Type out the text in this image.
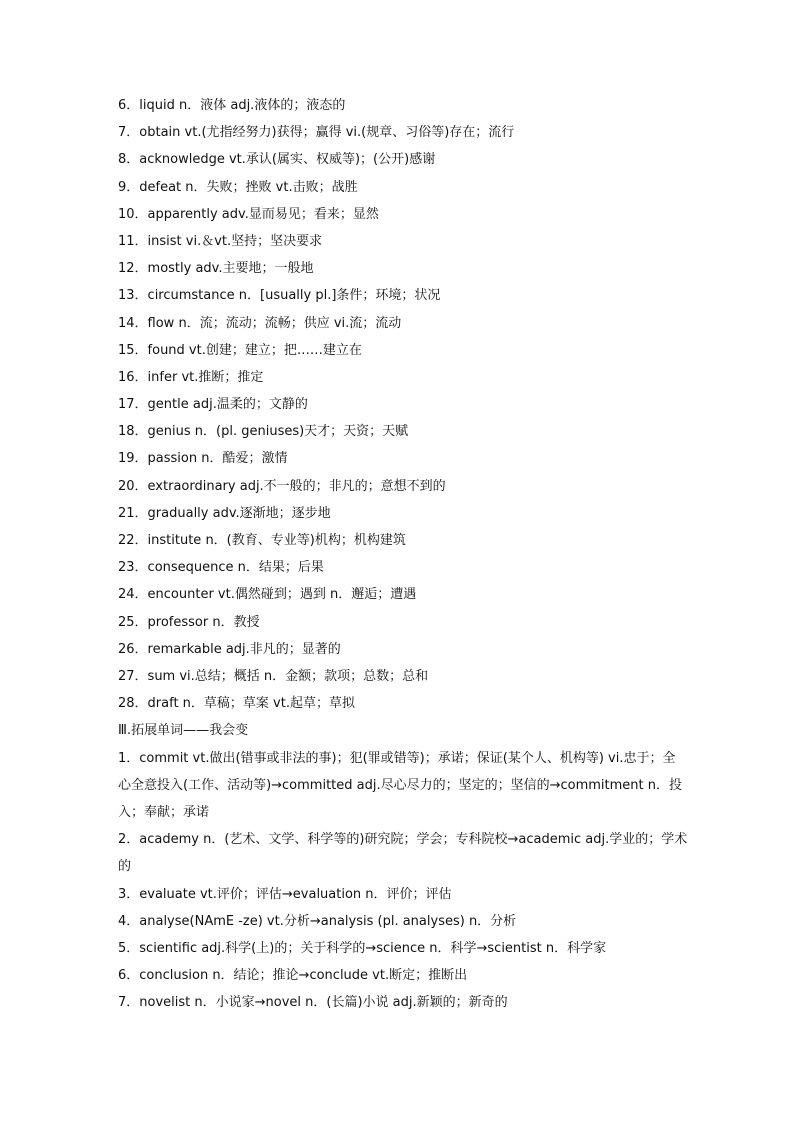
6．liquid n．液体 adj.液体的；液态的
7．obtain vt.(尤指经努力)获得；赢得 vi.(规章、习俗等)存在；流行
8．acknowledge vt.承认(属实、权威等)；(公开)感谢
9．defeat n．失败；挫败 vt.击败；战胜
10．apparently adv.显而易见；看来；显然
11．insist vi.＆vt.坚持；坚决要求
12．mostly adv.主要地；一般地
13．circumstance n．[usually pl.]条件；环境；状况
14．flow n．流；流动；流畅；供应 vi.流；流动
15．found vt.创建；建立；把……建立在
16．infer vt.推断；推定
17．gentle adj.温柔的；文静的
18．genius n．(pl. geniuses)天才；天资；天赋
19．passion n．酷爱；激情
20．extraordinary adj.不一般的；非凡的；意想不到的
21．gradually adv.逐渐地；逐步地
22．institute n．(教育、专业等)机构；机构建筑
23．consequence n．结果；后果
24．encounter vt.偶然碰到；遇到 n．邂逅；遭遇
25．professor n．教授
26．remarkable adj.非凡的；显著的
27．sum vi.总结；概括 n．金额；款项；总数；总和
28．draft n．草稿；草案 vt.起草；草拟
Ⅲ.拓展单词——我会变
1．commit vt.做出(错事或非法的事)；犯(罪或错等)；承诺；保证(某个人、机构等) vi.忠于；全心全意投入(工作、活动等)→committed adj.尽心尽力的；坚定的；坚信的→commitment n．投入；奉献；承诺
2．academy n．(艺术、文学、科学等的)研究院；学会；专科院校→academic adj.学业的；学术的
3．evaluate vt.评价；评估→evaluation n．评价；评估
4．analyse(NAmE -ze) vt.分析→analysis (pl. analyses) n．分析
5．scientific adj.科学(上)的；关于科学的→science n．科学→scientist n．科学家
6．conclusion n．结论；推论→conclude vt.断定；推断出
7．novelist n．小说家→novel n．(长篇)小说 adj.新颖的；新奇的
